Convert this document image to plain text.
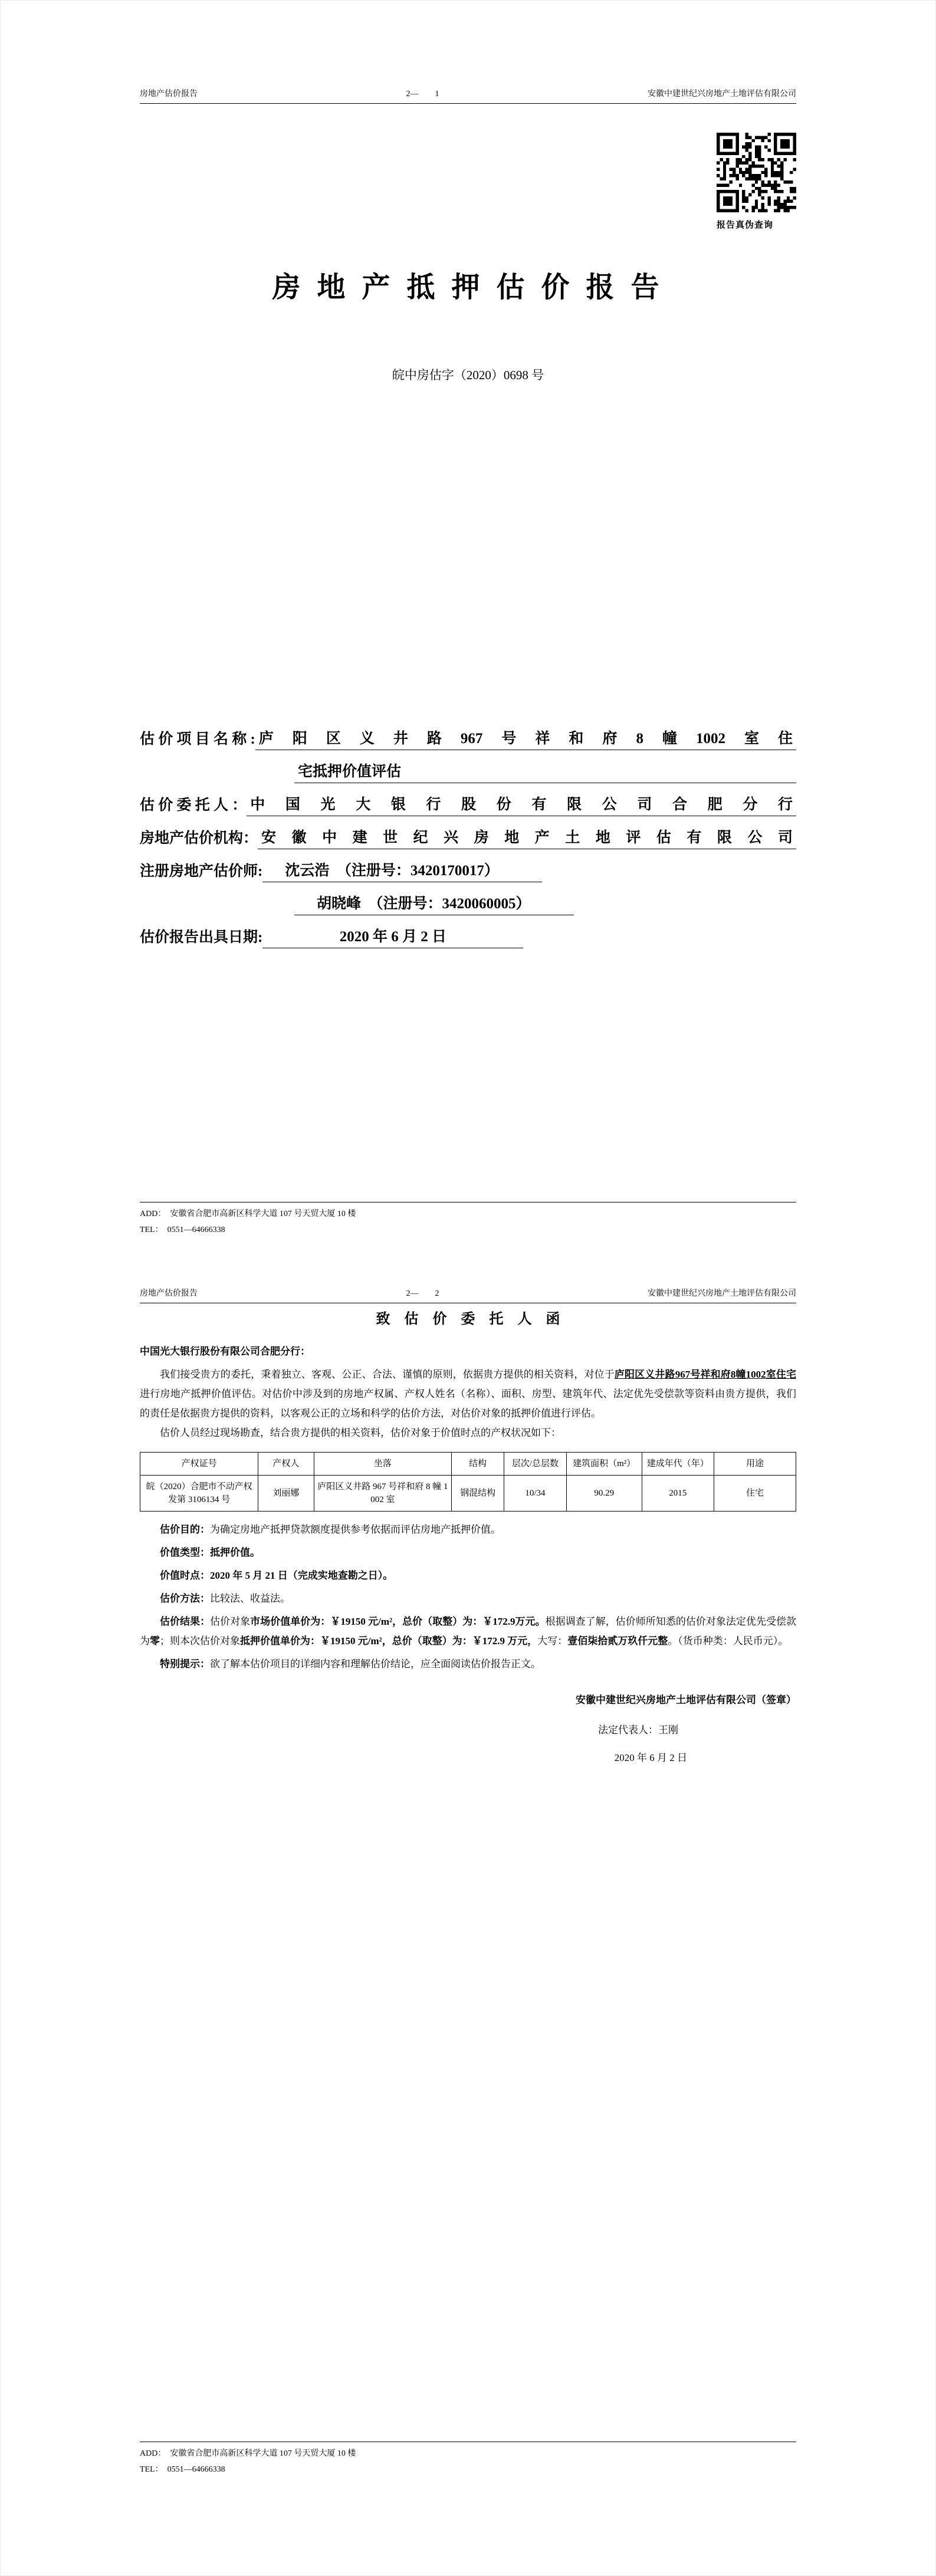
房地产估价报告	2—　　1	安徽中建世纪兴房地产土地评估有限公司
报告真伪查询
房 地 产 抵 押 估 价 报 告
皖中房估字（2020）0698 号
估 价 项 目 名 称 : 庐阳区义井路967号祥和府8幢1002室住
宅抵押价值评估
估 价 委 托 人 ： 中国光大银行股份有限公司合肥分行
房地产估价机构： 安徽中建世纪兴房地产土地评估有限公司
注册房地产估价师:	沈云浩　（注册号：3420170017）
胡晓峰　（注册号：3420060005）
估价报告出具日期:	2020 年 6 月 2 日
ADD：　安徽省合肥市高新区科学大道 107 号天贸大厦 10 楼
TEL：　0551—64666338
房地产估价报告	2—　　2	安徽中建世纪兴房地产土地评估有限公司
致　估　价　委　托　人　函
中国光大银行股份有限公司合肥分行：

我们接受贵方的委托，秉着独立、客观、公正、合法、谨慎的原则，依据贵方提供的相关资料，对位于庐阳区义井路967号祥和府8幢1002室住宅进行房地产抵押价值评估。对估价中涉及到的房地产权属、产权人姓名（名称）、面积、房型、建筑年代、法定优先受偿款等资料由贵方提供，我们的责任是依据贵方提供的资料，以客观公正的立场和科学的估价方法，对估价对象的抵押价值进行评估。

估价人员经过现场勘查，结合贵方提供的相关资料，估价对象于价值时点的产权状况如下：

产权证号	产权人	坐落	结构	层次/总层数	建筑面积（m²）	建成年代（年）	用途
皖（2020）合肥市不动产权发第 3106134 号	刘丽娜	庐阳区义井路 967 号祥和府 8 幢 1002 室	钢混结构	10/34	90.29	2015	住宅

估价目的：为确定房地产抵押贷款额度提供参考依据而评估房地产抵押价值。

价值类型：抵押价值。

价值时点：2020 年 5 月 21 日（完成实地查勘之日）。

估价方法：比较法、收益法。

估价结果：估价对象市场价值单价为：￥19150 元/m²，总价（取整）为：￥172.9万元。根据调查了解，估价师所知悉的估价对象法定优先受偿款为零；则本次估价对象抵押价值单价为：￥19150 元/m²，总价（取整）为：￥172.9 万元，大写：壹佰柒拾贰万玖仟元整。（货币种类：人民币元）。

特别提示：欲了解本估价项目的详细内容和理解估价结论，应全面阅读估价报告正文。

安徽中建世纪兴房地产土地评估有限公司（签章）
法定代表人：王刚
2020 年 6 月 2 日
ADD：　安徽省合肥市高新区科学大道 107 号天贸大厦 10 楼
TEL：　0551—64666338
